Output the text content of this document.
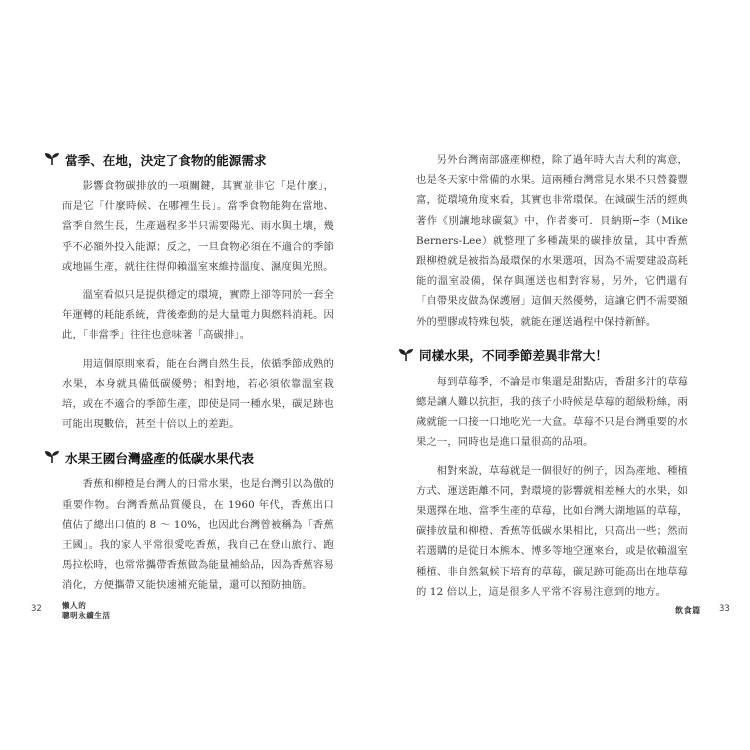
當季、在地，決定了食物的能源需求

影響食物碳排放的一項關鍵，其實並非它「是什麼」，而是它「什麼時候、在哪裡生長」。當季食物能夠在當地、當季自然生長，生產過程多半只需要陽光、雨水與土壤，幾乎不必額外投入能源；反之，一旦食物必須在不適合的季節或地區生產，就往往得仰賴溫室來維持溫度、濕度與光照。

溫室看似只是提供穩定的環境，實際上卻等同於一套全年運轉的耗能系統，背後牽動的是大量電力與燃料消耗。因此，「非當季」往往也意味著「高碳排」。

用這個原則來看，能在台灣自然生長，依循季節成熟的水果，本身就具備低碳優勢；相對地，若必須依靠溫室栽培，或在不適合的季節生產，即使是同一種水果，碳足跡也可能出現數倍，甚至十倍以上的差距。

水果王國台灣盛產的低碳水果代表

香蕉和柳橙是台灣人的日常水果，也是台灣引以為傲的重要作物。台灣香蕉品質優良，在 1960 年代，香蕉出口值佔了總出口值的 8 ～ 10%，也因此台灣曾被稱為「香蕉王國」。我的家人平常很愛吃香蕉，我自己在登山旅行、跑馬拉松時，也常常攜帶香蕉做為能量補給品，因為香蕉容易消化，方便攜帶又能快速補充能量，還可以預防抽筋。

32	懶人的
聰明永續生活

另外台灣南部盛產柳橙，除了過年時大吉大利的寓意，也是冬天家中常備的水果。這兩種台灣常見水果不只營養豐富，從環境角度來看，其實也非常環保。在減碳生活的經典著作《別讓地球碳氣》中，作者麥可．貝納斯─李（Mike Berners-Lee）就整理了多種蔬果的碳排放量，其中香蕉跟柳橙就是被指為最環保的水果選項，因為不需要建設高耗能的溫室設備，保存與運送也相對容易，另外，它們還有「自帶果皮做為保護層」這個天然優勢，這讓它們不需要額外的塑膠或特殊包裝，就能在運送過程中保持新鮮。

同樣水果，不同季節差異非常大！

每到草莓季，不論是市集還是甜點店，香甜多汁的草莓總是讓人難以抗拒，我的孩子小時候是草莓的超級粉絲，兩歲就能一口接一口地吃光一大盒。草莓不只是台灣重要的水果之一，同時也是進口量很高的品項。

相對來說，草莓就是一個很好的例子，因為產地、種植方式、運送距離不同，對環境的影響就相差極大的水果，如果選擇在地、當季生產的草莓，比如台灣大湖地區的草莓，碳排放量和柳橙、香蕉等低碳水果相比，只高出一些；然而若選購的是從日本熊本、博多等地空運來台，或是依賴溫室種植、非自然氣候下培育的草莓，碳足跡可能高出在地草莓的 12 倍以上，這是很多人平常不容易注意到的地方。

飲食篇 33
